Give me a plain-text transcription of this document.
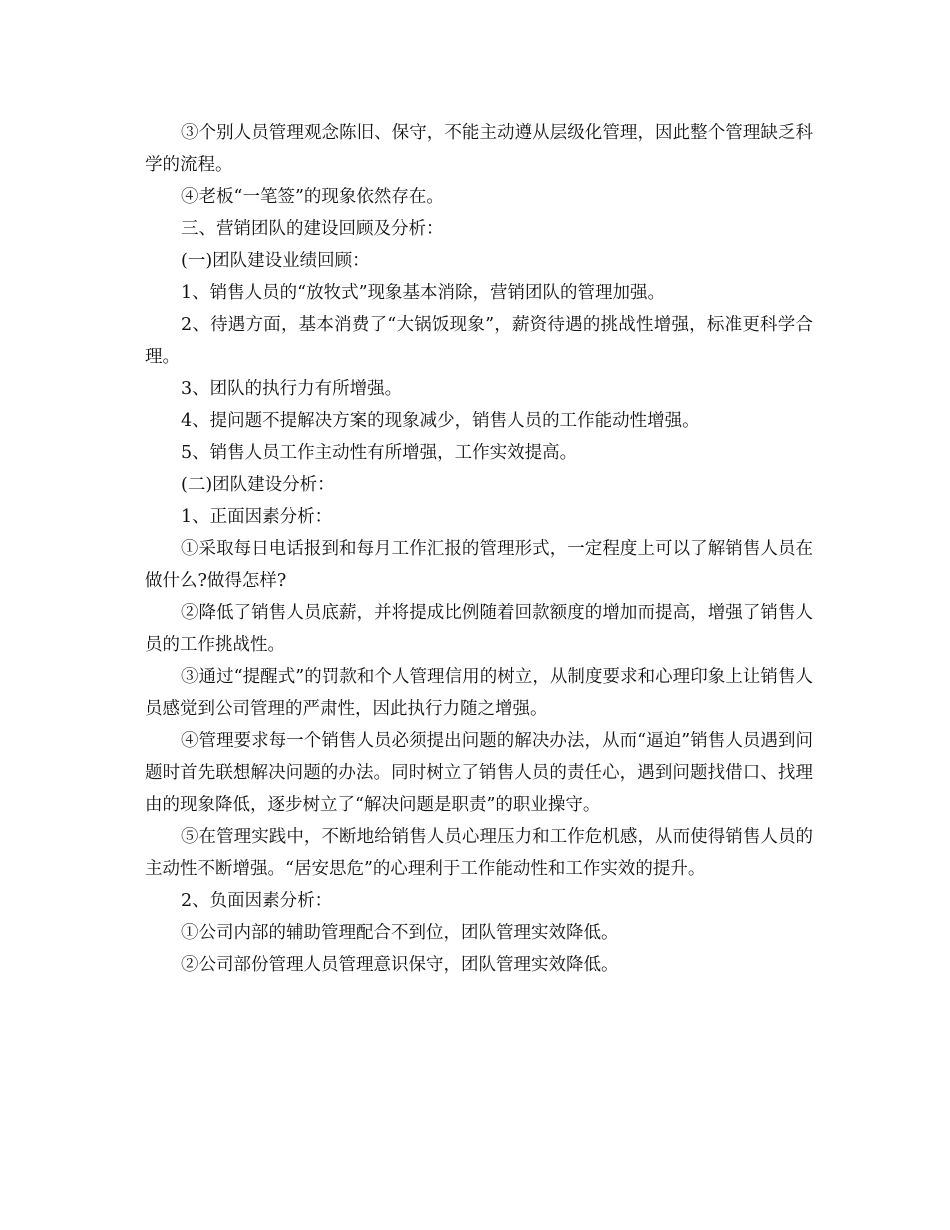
③个别人员管理观念陈旧、保守，不能主动遵从层级化管理，因此整个管理缺乏科学的流程。

④老板“一笔签”的现象依然存在。

三、营销团队的建设回顾及分析：

(一)团队建设业绩回顾：

1、销售人员的“放牧式”现象基本消除，营销团队的管理加强。

2、待遇方面，基本消费了“大锅饭现象”，薪资待遇的挑战性增强，标准更科学合理。

3、团队的执行力有所增强。

4、提问题不提解决方案的现象减少，销售人员的工作能动性增强。

5、销售人员工作主动性有所增强，工作实效提高。

(二)团队建设分析：

1、正面因素分析：

①采取每日电话报到和每月工作汇报的管理形式，一定程度上可以了解销售人员在做什么?做得怎样?

②降低了销售人员底薪，并将提成比例随着回款额度的增加而提高，增强了销售人员的工作挑战性。

③通过“提醒式”的罚款和个人管理信用的树立，从制度要求和心理印象上让销售人员感觉到公司管理的严肃性，因此执行力随之增强。

④管理要求每一个销售人员必须提出问题的解决办法，从而“逼迫”销售人员遇到问题时首先联想解决问题的办法。同时树立了销售人员的责任心，遇到问题找借口、找理由的现象降低，逐步树立了“解决问题是职责”的职业操守。

⑤在管理实践中，不断地给销售人员心理压力和工作危机感，从而使得销售人员的主动性不断增强。“居安思危”的心理利于工作能动性和工作实效的提升。

2、负面因素分析：

①公司内部的辅助管理配合不到位，团队管理实效降低。

②公司部份管理人员管理意识保守，团队管理实效降低。
